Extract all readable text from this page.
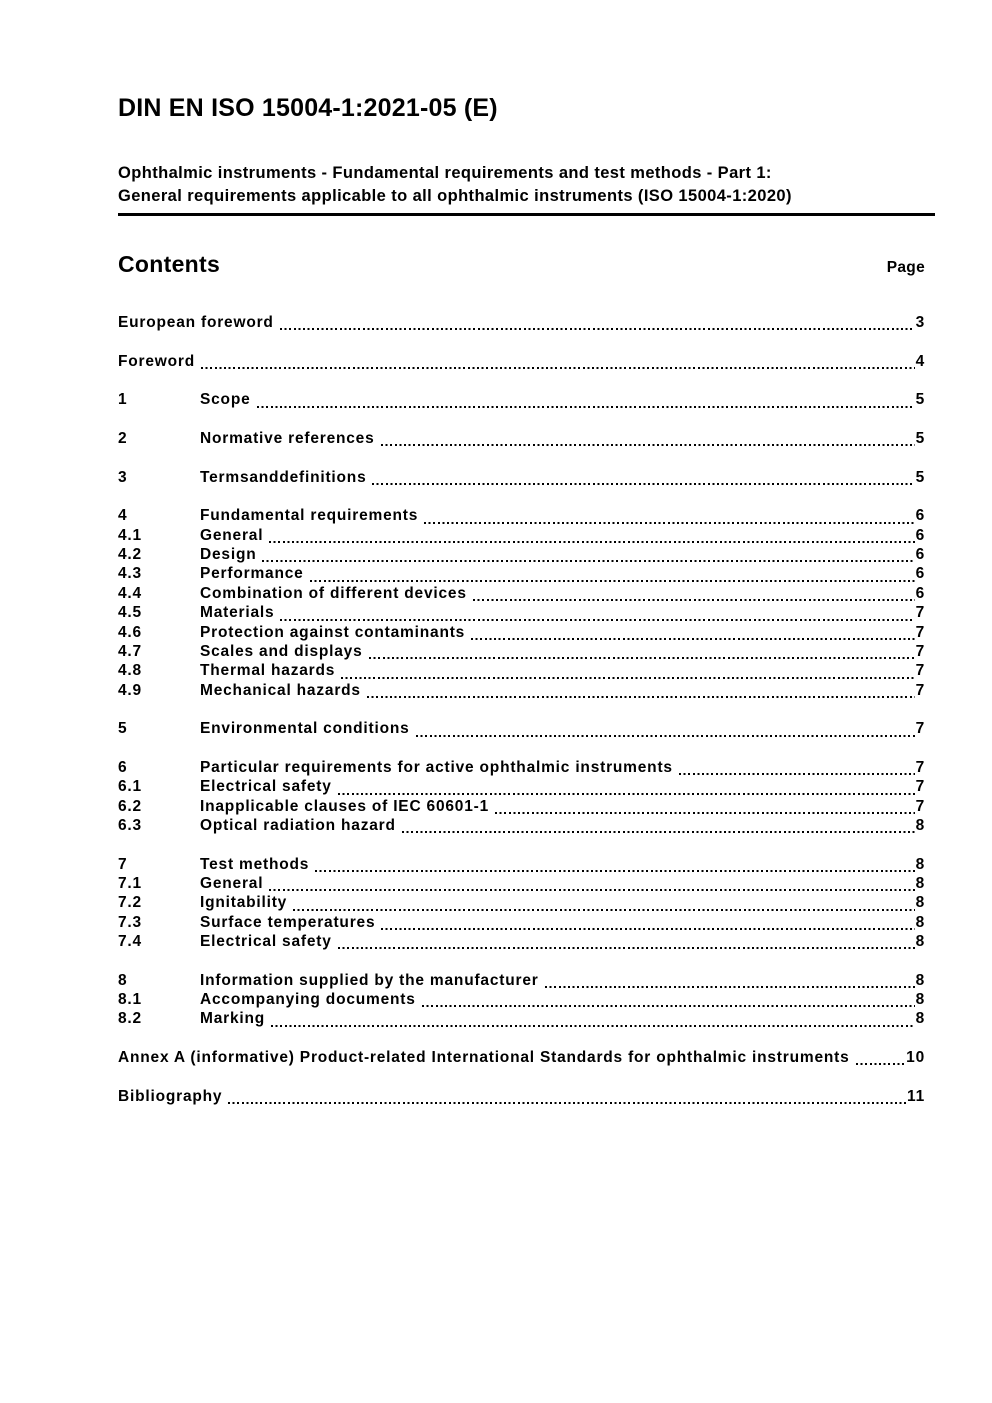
DIN EN ISO 15004-1:2021-05 (E)
Ophthalmic instruments - Fundamental requirements and test methods - Part 1:
General requirements applicable to all ophthalmic instruments (ISO 15004-1:2020)
Contents	Page
European foreword	3
Foreword	4
1	Scope	5
2	Normative references	5
3	Termsanddefinitions	5
4	Fundamental requirements	6
4.1	General	6
4.2	Design	6
4.3	Performance	6
4.4	Combination of different devices	6
4.5	Materials	7
4.6	Protection against contaminants	7
4.7	Scales and displays	7
4.8	Thermal hazards	7
4.9	Mechanical hazards	7
5	Environmental conditions	7
6	Particular requirements for active ophthalmic instruments	7
6.1	Electrical safety	7
6.2	Inapplicable clauses of IEC 60601-1	7
6.3	Optical radiation hazard	8
7	Test methods	8
7.1	General	8
7.2	Ignitability	8
7.3	Surface temperatures	8
7.4	Electrical safety	8
8	Information supplied by the manufacturer	8
8.1	Accompanying documents	8
8.2	Marking	8
Annex A (informative) Product-related International Standards for ophthalmic instruments	10
Bibliography	11
